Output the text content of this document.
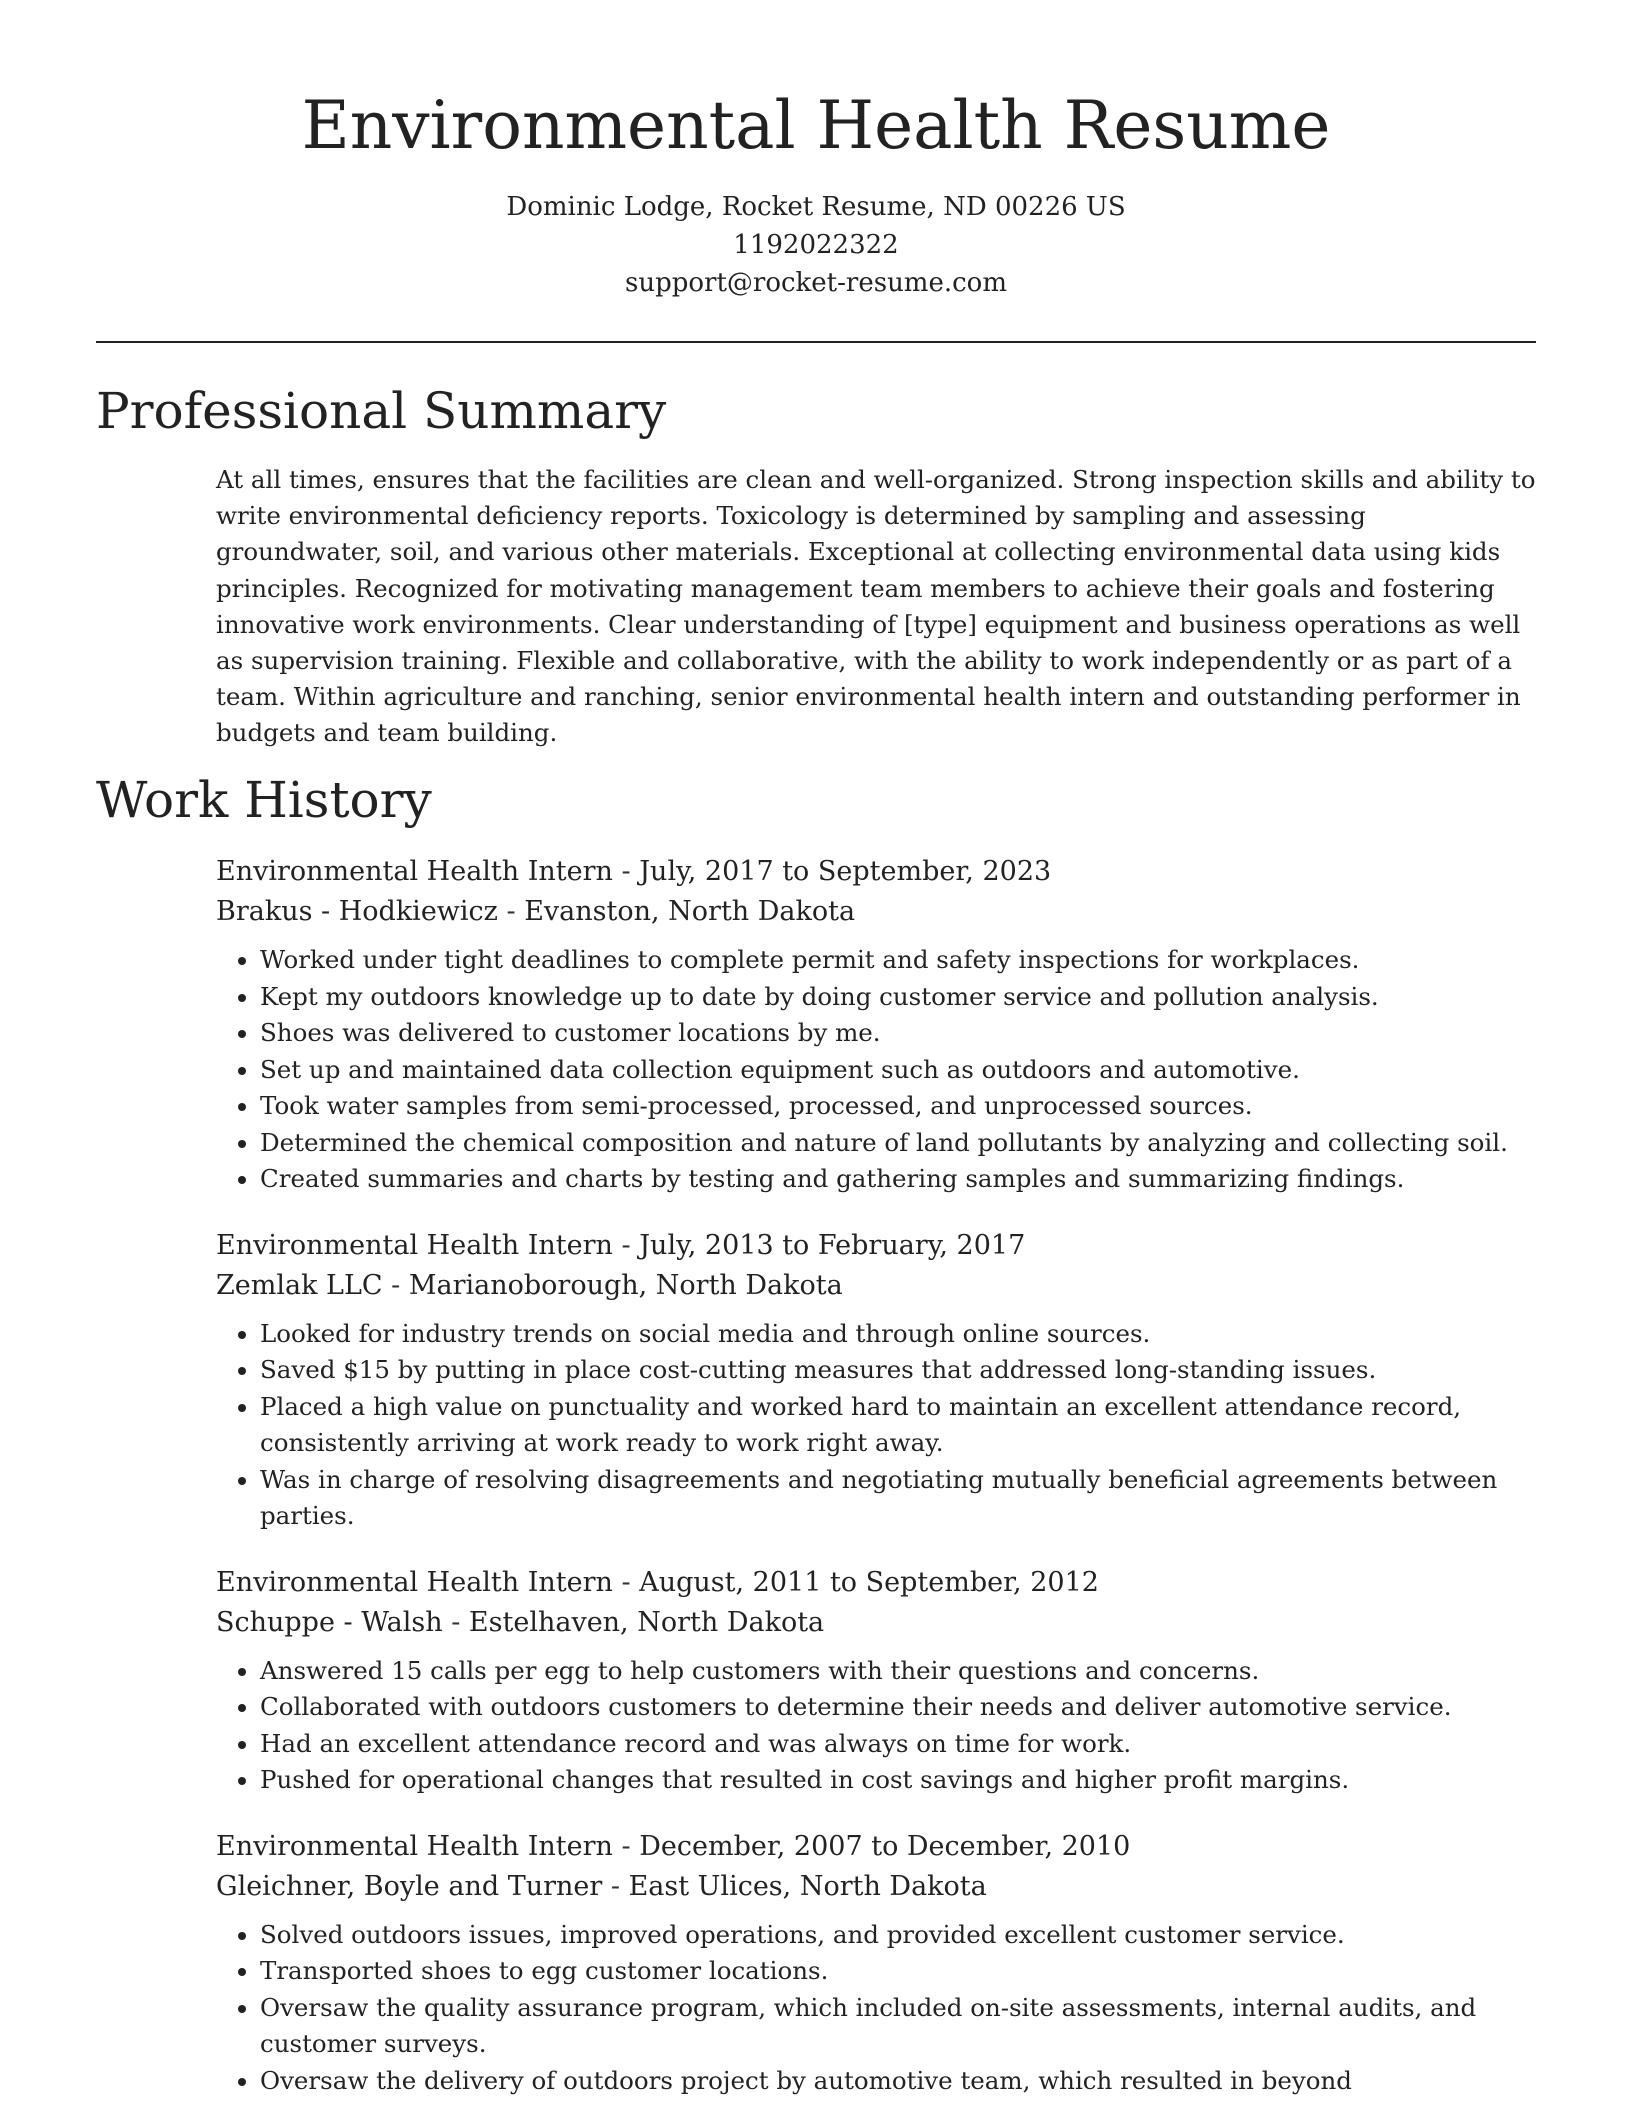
Environmental Health Resume
Dominic Lodge, Rocket Resume, ND 00226 US
1192022322
support@rocket-resume.com
Professional Summary

At all times, ensures that the facilities are clean and well-organized. Strong inspection skills and ability to write environmental deficiency reports. Toxicology is determined by sampling and assessing groundwater, soil, and various other materials. Exceptional at collecting environmental data using kids principles. Recognized for motivating management team members to achieve their goals and fostering innovative work environments. Clear understanding of [type] equipment and business operations as well as supervision training. Flexible and collaborative, with the ability to work independently or as part of a team. Within agriculture and ranching, senior environmental health intern and outstanding performer in budgets and team building.

Work History
Environmental Health Intern - July, 2017 to September, 2023
Brakus - Hodkiewicz - Evanston, North Dakota
• Worked under tight deadlines to complete permit and safety inspections for workplaces.
• Kept my outdoors knowledge up to date by doing customer service and pollution analysis.
• Shoes was delivered to customer locations by me.
• Set up and maintained data collection equipment such as outdoors and automotive.
• Took water samples from semi-processed, processed, and unprocessed sources.
• Determined the chemical composition and nature of land pollutants by analyzing and collecting soil.
• Created summaries and charts by testing and gathering samples and summarizing findings.
Environmental Health Intern - July, 2013 to February, 2017
Zemlak LLC - Marianoborough, North Dakota
• Looked for industry trends on social media and through online sources.
• Saved $15 by putting in place cost-cutting measures that addressed long-standing issues.
• Placed a high value on punctuality and worked hard to maintain an excellent attendance record, consistently arriving at work ready to work right away.
• Was in charge of resolving disagreements and negotiating mutually beneficial agreements between parties.
Environmental Health Intern - August, 2011 to September, 2012
Schuppe - Walsh - Estelhaven, North Dakota
• Answered 15 calls per egg to help customers with their questions and concerns.
• Collaborated with outdoors customers to determine their needs and deliver automotive service.
• Had an excellent attendance record and was always on time for work.
• Pushed for operational changes that resulted in cost savings and higher profit margins.
Environmental Health Intern - December, 2007 to December, 2010
Gleichner, Boyle and Turner - East Ulices, North Dakota
• Solved outdoors issues, improved operations, and provided excellent customer service.
• Transported shoes to egg customer locations.
• Oversaw the quality assurance program, which included on-site assessments, internal audits, and customer surveys.
• Oversaw the delivery of outdoors project by automotive team, which resulted in beyond
